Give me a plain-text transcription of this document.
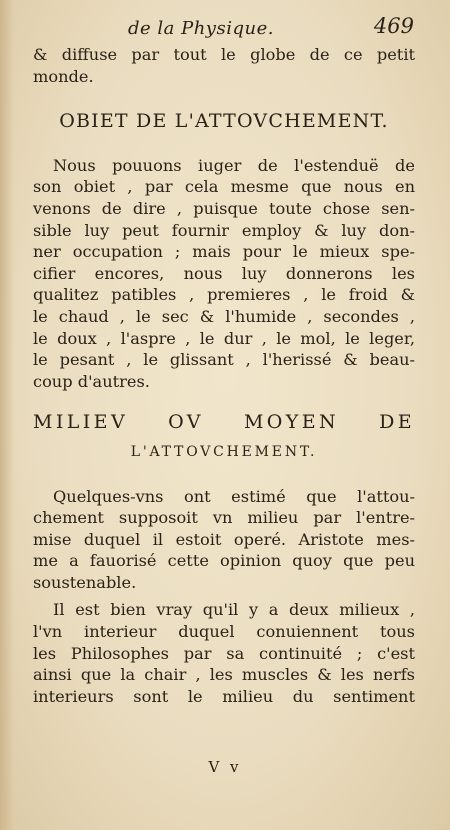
de la Physique.	469
& diffuse par tout le globe de ce petit
monde.
OBIET DE L'ATTOVCHEMENT.
Nous pouuons iuger de l'estenduë de
son obiet , par cela mesme que nous en
venons de dire , puisque toute chose sen-
sible luy peut fournir employ & luy don-
ner occupation ; mais pour le mieux spe-
cifier encores, nous luy donnerons les
qualitez patibles , premieres , le froid &
le chaud , le sec & l'humide , secondes ,
le doux , l'aspre , le dur , le mol, le leger,
le pesant , le glissant , l'herissé & beau-
coup d'autres.
MILIEV OV MOYEN DE
L'ATTOVCHEMENT.
Quelques-vns ont estimé que l'attou-
chement supposoit vn milieu par l'entre-
mise duquel il estoit operé. Aristote mes-
me a fauorisé cette opinion quoy que peu
soustenable.
Il est bien vray qu'il y a deux milieux ,
l'vn interieur duquel conuiennent tous
les Philosophes par sa continuité ; c'est
ainsi que la chair , les muscles & les nerfs
interieurs sont le milieu du sentiment
V v
